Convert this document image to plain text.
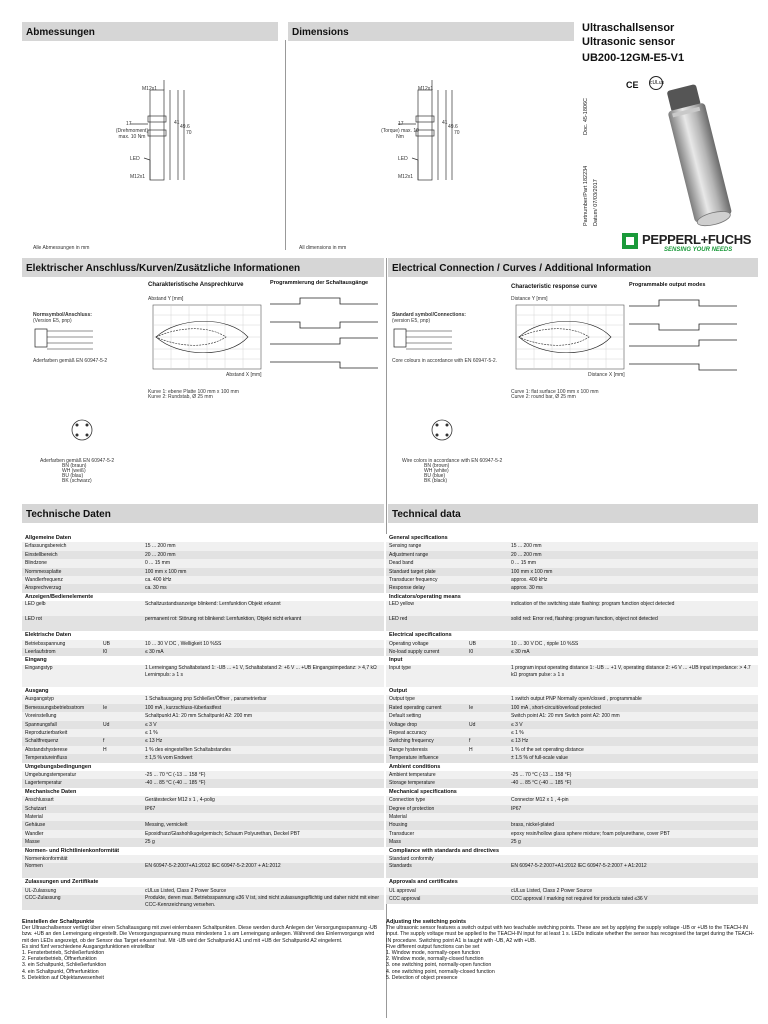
Abmessungen	Dimensions	Ultraschallsensor
Ultrasonic sensor
UB200-12GM-E5-V1
CE cULus
Doc. 45-1806C
Partnumber/Part 182234
Datum/ 07/03/2017
M12x1
17
(Drehmoment) max. 10 Nm
LED
M12x1
41
49.6
70
Alle Abmessungen in mm
M12x1
17
(Torque) max. 10 Nm
LED
M12x1
41
49.6
70
All dimensions in mm
PEPPERL+FUCHS
SENSING YOUR NEEDS
Elektrischer Anschluss/Kurven/Zusätzliche Informationen	Electrical Connection / Curves / Additional Information
Charakteristische Ansprechkurve
Abstand Y [mm]
Abstand X [mm]
Kurve 1: ebene Platte 100 mm x 100 mm
Kurve 2: Rundstab, Ø 25 mm
Programmierung der Schaltausgänge
Normsymbol/Anschluss:
(Version E5, pnp)
Aderfarben gemäß EN 60947-5-2
Aderfarben gemäß EN 60947-5-2
BN (braun)
WH (weiß)
BU (blau)
BK (schwarz)
Characteristic response curve
Distance Y [mm]
Distance X [mm]
Curve 1: flat surface 100 mm x 100 mm
Curve 2: round bar, Ø 25 mm
Programmable output modes
Standard symbol/Connections:
(version E5, pnp)
Core colours in accordance with EN 60947-5-2.
Wire colors in accordance with EN 60947-5-2
BN (brown)
WH (white)
BU (blue)
BK (black)
Technische Daten	Technical data
Allgemeine Daten		
Erfassungsbereich		15 ... 200 mm
Einstellbereich		20 ... 200 mm
Blindzone		0 ... 15 mm
Normmessplatte		100 mm x 100 mm
Wandlerfrequenz		ca. 400 kHz
Ansprechverzug		ca. 30 ms
Anzeigen/Bedienelemente		
LED gelb		Schaltzustandsanzeige blinkend: Lernfunktion Objekt erkannt
LED rot		permanent rot: Störung rot blinkend: Lernfunktion, Objekt nicht erkannt
Elektrische Daten		
Betriebsspannung	UB	10 ... 30 V DC , Welligkeit 10 %SS
Leerlaufstrom	I0	≤ 30 mA
Eingang		
Eingangstyp		1 Lerneingang Schaltabstand 1: -UB ... +1 V, Schaltabstand 2: +6 V ... +UB Eingangsimpedanz: > 4,7 kΩ Lernimpuls: ≥ 1 s
Ausgang		
Ausgangstyp		1 Schaltausgang pnp Schließer/Öffner , parametrierbar
Bemessungsbetriebsstrom	Ie	100 mA , kurzschluss-/überlastfest
Voreinstellung		Schaltpunkt A1: 20 mm Schaltpunkt A2: 200 mm
Spannungsfall	Ud	≤ 3 V
Reproduzierbarkeit		≤ 1 %
Schaltfrequenz	f	≤ 13 Hz
Abstandshysterese	H	1 % des eingestellten Schaltabstandes
Temperatureinfluss		± 1,5 % vom Endwert
Umgebungsbedingungen		
Umgebungstemperatur		-25 ... 70 °C (-13 ... 158 °F)
Lagertemperatur		-40 ... 85 °C (-40 ... 185 °F)
Mechanische Daten		
Anschlussart		Gerätestecker M12 x 1 , 4-polig
Schutzart		IP67
Material		
Gehäuse		Messing, vernickelt
Wandler		Epoxidharz/Glashohlkugelgemisch; Schaum Polyurethan, Deckel PBT
Masse		25 g
Normen- und Richtlinienkonformität		
Normenkonformität		
Normen		EN 60947-5-2:2007+A1:2012 IEC 60947-5-2:2007 + A1:2012
Zulassungen und Zertifikate		
UL-Zulassung		cULus Listed, Class 2 Power Source
CCC-Zulassung		Produkte, deren max. Betriebsspannung ≤36 V ist, sind nicht zulassungspflichtig und daher nicht mit einer CCC-Kennzeichnung versehen.
General specifications		
Sensing range		15 ... 200 mm
Adjustment range		20 ... 200 mm
Dead band		0 ... 15 mm
Standard target plate		100 mm x 100 mm
Transducer frequency		approx. 400 kHz
Response delay		approx. 30 ms
Indicators/operating means		
LED yellow		indication of the switching state flashing: program function object detected
LED red		solid red: Error red, flashing: program function, object not detected
Electrical specifications		
Operating voltage	UB	10 ... 30 V DC , ripple 10 %SS
No-load supply current	I0	≤ 30 mA
Input		
Input type		1 program input operating distance 1: -UB ... +1 V, operating distance 2: +6 V ... +UB input impedance: > 4.7 kΩ program pulse: ≥ 1 s
Output		
Output type		1 switch output PNP Normally open/closed , programmable
Rated operating current	Ie	100 mA , short-circuit/overload protected
Default setting		Switch point A1: 20 mm Switch point A2: 200 mm
Voltage drop	Ud	≤ 3 V
Repeat accuracy		≤ 1 %
Switching frequency	f	≤ 13 Hz
Range hysteresis	H	1 % of the set operating distance
Temperature influence		± 1.5 % of full-scale value
Ambient conditions		
Ambient temperature		-25 ... 70 °C (-13 ... 158 °F)
Storage temperature		-40 ... 85 °C (-40 ... 185 °F)
Mechanical specifications		
Connection type		Connector M12 x 1 , 4-pin
Degree of protection		IP67
Material		
Housing		brass, nickel-plated
Transducer		epoxy resin/hollow glass sphere mixture; foam polyurethane, cover PBT
Mass		25 g
Compliance with standards and directives		
Standard conformity		
Standards		EN 60947-5-2:2007+A1:2012 IEC 60947-5-2:2007 + A1:2012
Approvals and certificates		
UL approval		cULus Listed, Class 2 Power Source
CCC approval		CCC approval / marking not required for products rated ≤36 V
Einstellen der Schaltpunkte
Der Ultraschallsensor verfügt über einen Schaltausgang mit zwei einlernbaren Schaltpunkten. Diese werden durch Anlegen der Versorgungsspannung -UB bzw. +UB an den Lerneingang eingestellt. Die Versorgungsspannung muss mindestens 1 s am Lerneingang anliegen. Während des Einlernvorgangs wird mit den LEDs angezeigt, ob der Sensor das Target erkannt hat. Mit -UB wird der Schaltpunkt A1 und mit +UB der Schaltpunkt A2 eingelernt.
Es sind fünf verschiedene Ausgangsfunktionen einstellbar
1. Fensterbetrieb, Schließerfunktion
2. Fensterbetrieb, Öffnerfunktion
3. ein Schaltpunkt, Schließerfunktion
4. ein Schaltpunkt, Öffnerfunktion
5. Detektion auf Objektanwesenheit
Adjusting the switching points
The ultrasonic sensor features a switch output with two teachable switching points. These are set by applying the supply voltage -UB or +UB to the TEACH-IN input. The supply voltage must be applied to the TEACH-IN input for at least 1 s. LEDs indicate whether the sensor has recognised the target during the TEACH-IN procedure. Switching point A1 is taught with -UB, A2 with +UB.
Five different output functions can be set
1. Window mode, normally-open function
2. Window mode, normally-closed function
3. one switching point, normally-open function
4. one switching point, normally-closed function
5. Detection of object presence
